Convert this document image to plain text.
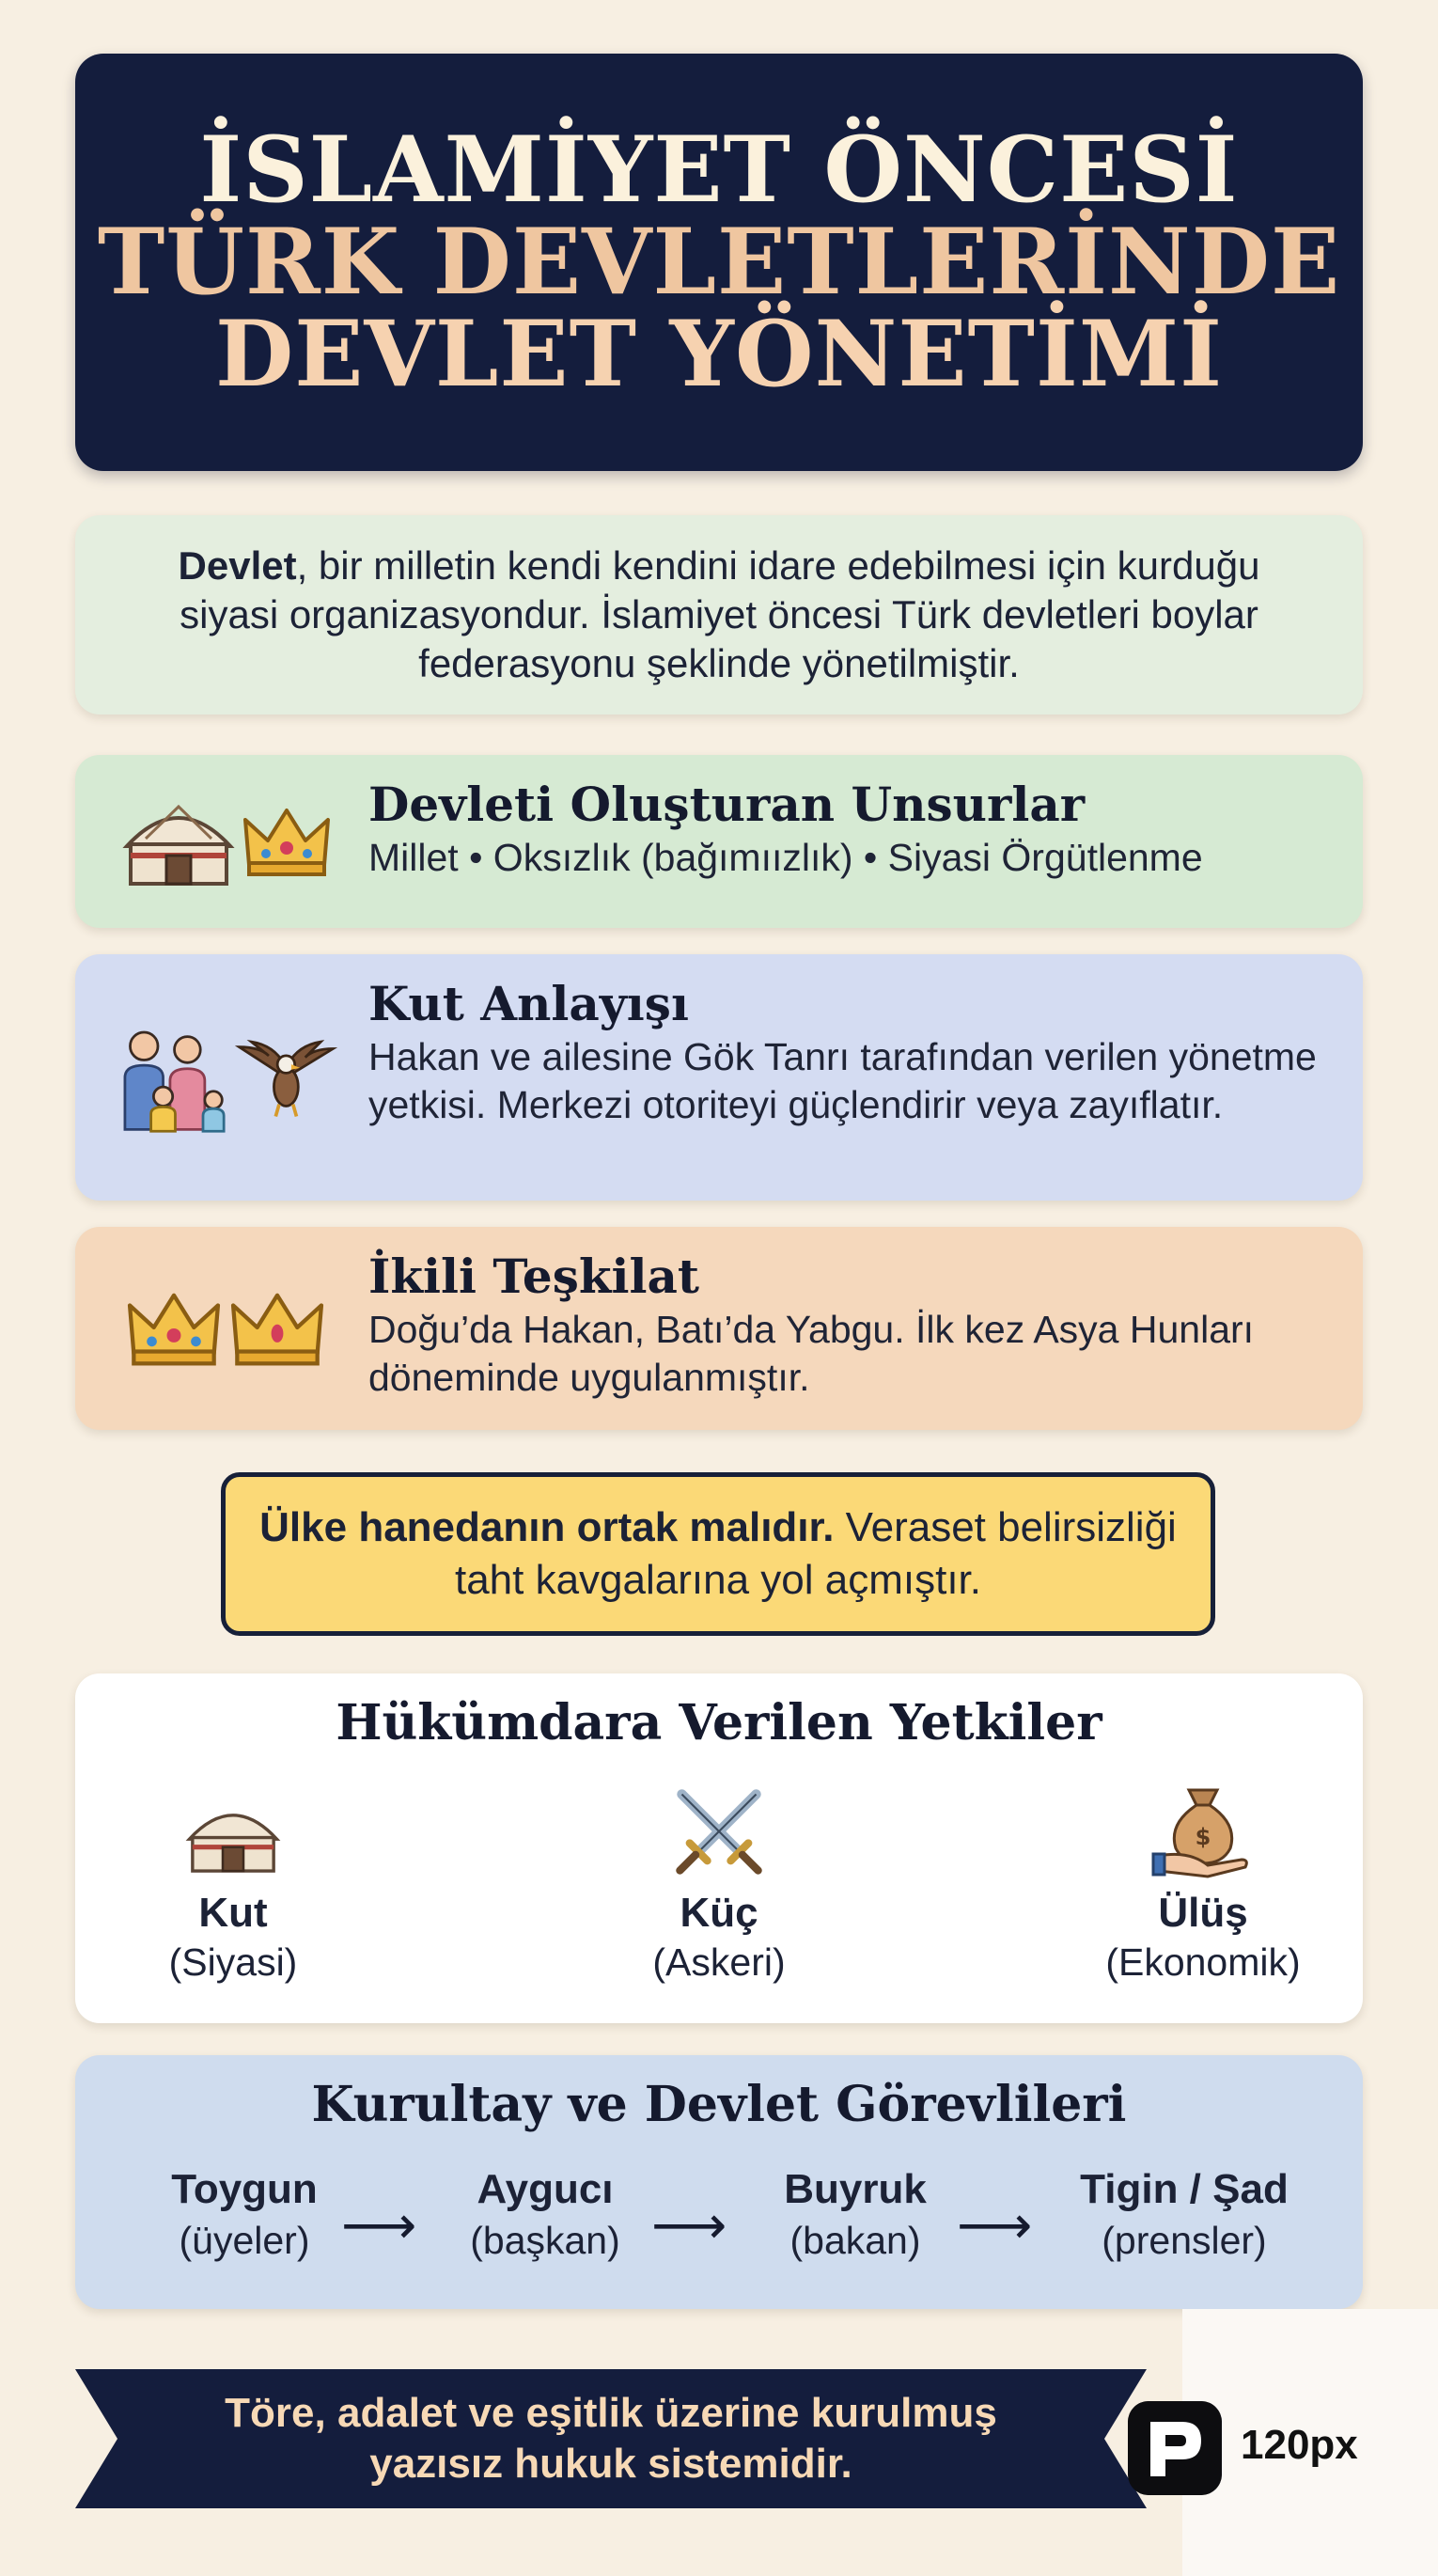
İSLAMİYET ÖNCESİ
TÜRK DEVLETLERİNDE
DEVLET YÖNETİMİ
Devlet, bir milletin kendi kendini idare edebilmesi için kurduğu siyasi organizasyondur. İslamiyet öncesi Türk devletleri boylar federasyonu şeklinde yönetilmiştir.
Devleti Oluşturan Unsurlar

Millet • Oksızlık (bağımıızlık) • Siyasi Örgütlenme

Kut Anlayışı

Hakan ve ailesine Gök Tanrı tarafından verilen yönetme yetkisi. Merkezi otoriteyi güçlendirir veya zayıflatır.

İkili Teşkilat

Doğu’da Hakan, Batı’da Yabgu. İlk kez Asya Hunları döneminde uygulanmıştır.

Ülke hanedanın ortak malıdır. Veraset belirsizliği taht kavgalarına yol açmıştır.
Hükümdara Verilen Yetkiler
Kut
(Siyasi)
Küç
(Askeri)
$
Ülüş
(Ekonomik)
Kurultay ve Devlet Görevlileri
Toygun
(üyeler) ⟶
Aygucı
(başkan) ⟶
Buyruk
(bakan) ⟶
Tigin / Şad
(prensler)
Töre, adalet ve eşitlik üzerine kurulmuş yazısız hukuk sistemidir.	120px
